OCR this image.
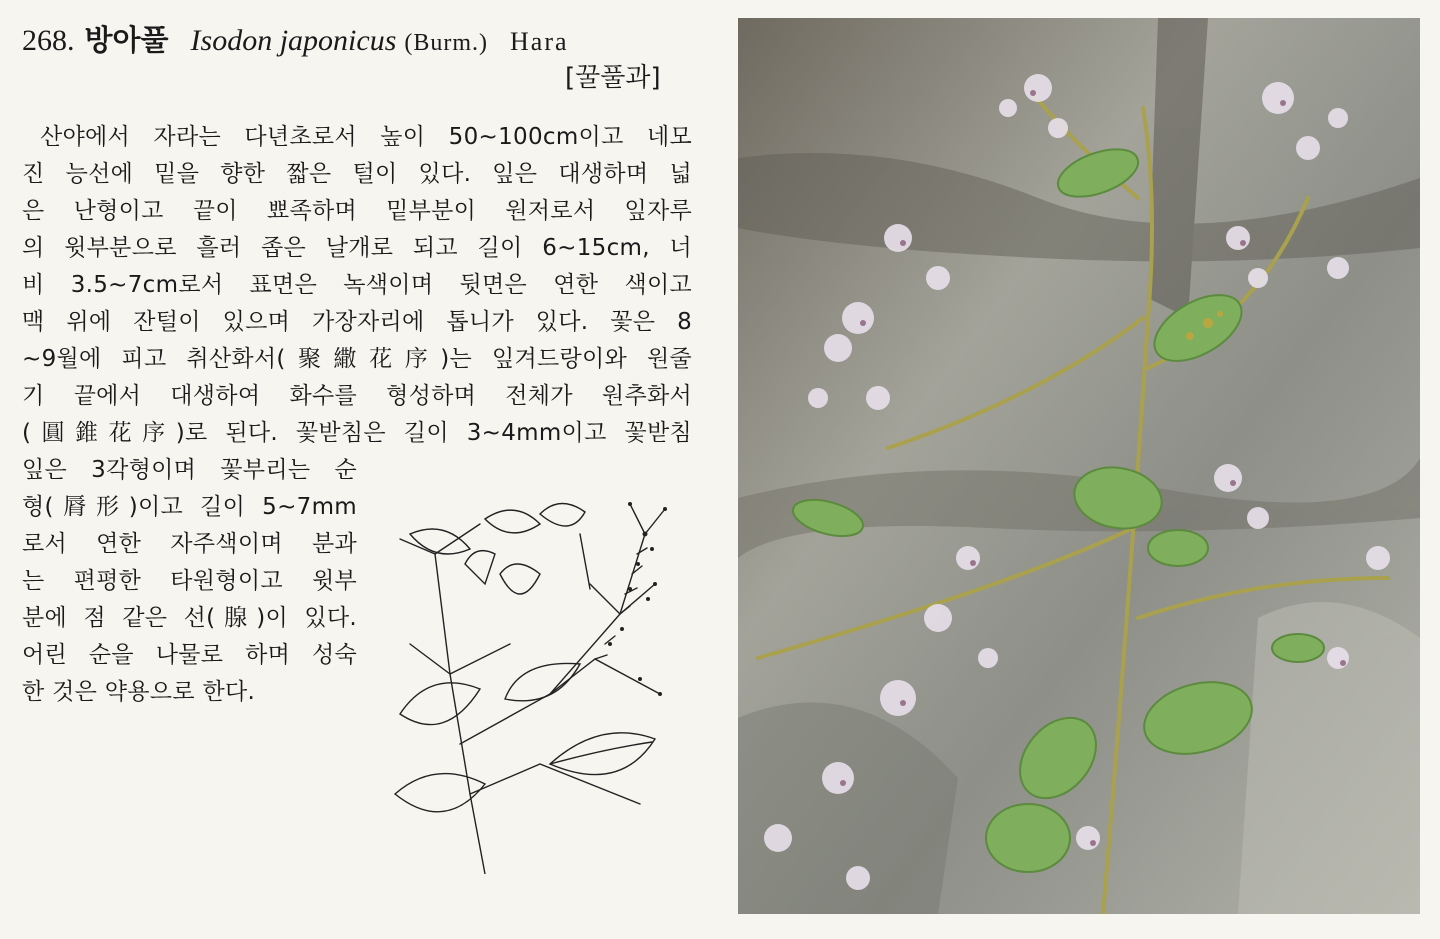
268. 방아풀 Isodon japonicus (Burm.) Hara
[꿀풀과]
산야에서 자라는 다년초로서 높이 50~100cm이고 네모
진 능선에 밑을 향한 짧은 털이 있다. 잎은 대생하며 넓
은 난형이고 끝이 뾰족하며 밑부분이 원저로서 잎자루
의 윗부분으로 흘러 좁은 날개로 되고 길이 6~15cm, 너
비 3.5~7cm로서 표면은 녹색이며 뒷면은 연한 색이고
맥 위에 잔털이 있으며 가장자리에 톱니가 있다. 꽃은 8
~9월에 피고 취산화서(聚繖花序)는 잎겨드랑이와 원줄
기 끝에서 대생하여 화수를 형성하며 전체가 원추화서
(圓錐花序)로 된다. 꽃받침은 길이 3~4mm이고 꽃받침
잎은 3각형이며 꽃부리는 순
형(脣形)이고 길이 5~7mm
로서 연한 자주색이며 분과
는 편평한 타원형이고 윗부
분에 점 같은 선(腺)이 있다.
어린 순을 나물로 하며 성숙
한 것은 약용으로 한다.
